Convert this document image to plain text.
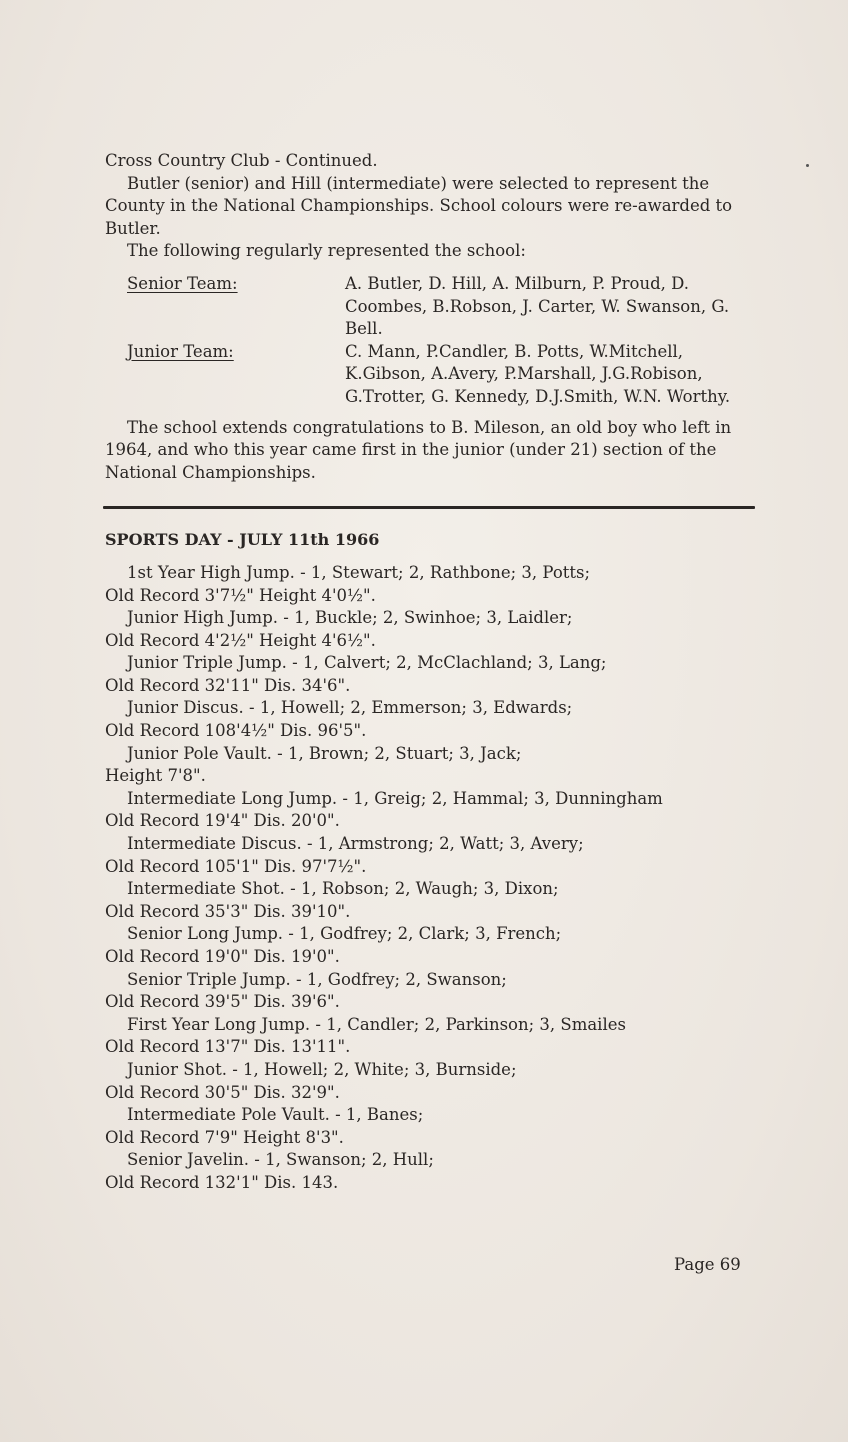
Cross Country Club - Continued.

Butler (senior) and Hill (intermediate) were selected to represent the County in the National Championships. School colours were re-awarded to Butler.

The following regularly represented the school:

Senior Team:	A. Butler, D. Hill, A. Milburn, P. Proud, D. Coombes, B.Robson, J. Carter, W. Swanson, G. Bell.
Junior Team:	C. Mann, P.Candler, B. Potts, W.Mitchell, K.Gibson, A.Avery, P.Marshall, J.G.Robison, G.Trotter, G. Kennedy, D.J.Smith, W.N. Worthy.

The school extends congratulations to B. Mileson, an old boy who left in 1964, and who this year came first in the junior (under 21) section of the National Championships.

SPORTS DAY - JULY 11th 1966

1st Year High Jump. - 1, Stewart; 2, Rathbone; 3, Potts;
Old Record 3'7½" Height 4'0½".
Junior High Jump. - 1, Buckle; 2, Swinhoe; 3, Laidler;
Old Record 4'2½" Height 4'6½".
Junior Triple Jump. - 1, Calvert; 2, McClachland; 3, Lang;
Old Record 32'11" Dis. 34'6".
Junior Discus. - 1, Howell; 2, Emmerson; 3, Edwards;
Old Record 108'4½" Dis. 96'5".
Junior Pole Vault. - 1, Brown; 2, Stuart; 3, Jack;
Height 7'8".
Intermediate Long Jump. - 1, Greig; 2, Hammal; 3, Dunningham
Old Record 19'4" Dis. 20'0".
Intermediate Discus. - 1, Armstrong; 2, Watt; 3, Avery;
Old Record 105'1" Dis. 97'7½".
Intermediate Shot. - 1, Robson; 2, Waugh; 3, Dixon;
Old Record 35'3" Dis. 39'10".
Senior Long Jump. - 1, Godfrey; 2, Clark; 3, French;
Old Record 19'0" Dis. 19'0".
Senior Triple Jump. - 1, Godfrey; 2, Swanson;
Old Record 39'5" Dis. 39'6".
First Year Long Jump. - 1, Candler; 2, Parkinson; 3, Smailes
Old Record 13'7" Dis. 13'11".
Junior Shot. - 1, Howell; 2, White; 3, Burnside;
Old Record 30'5" Dis. 32'9".
Intermediate Pole Vault. - 1, Banes;
Old Record 7'9" Height 8'3".
Senior Javelin. - 1, Swanson; 2, Hull;
Old Record 132'1" Dis. 143.
Page 69
